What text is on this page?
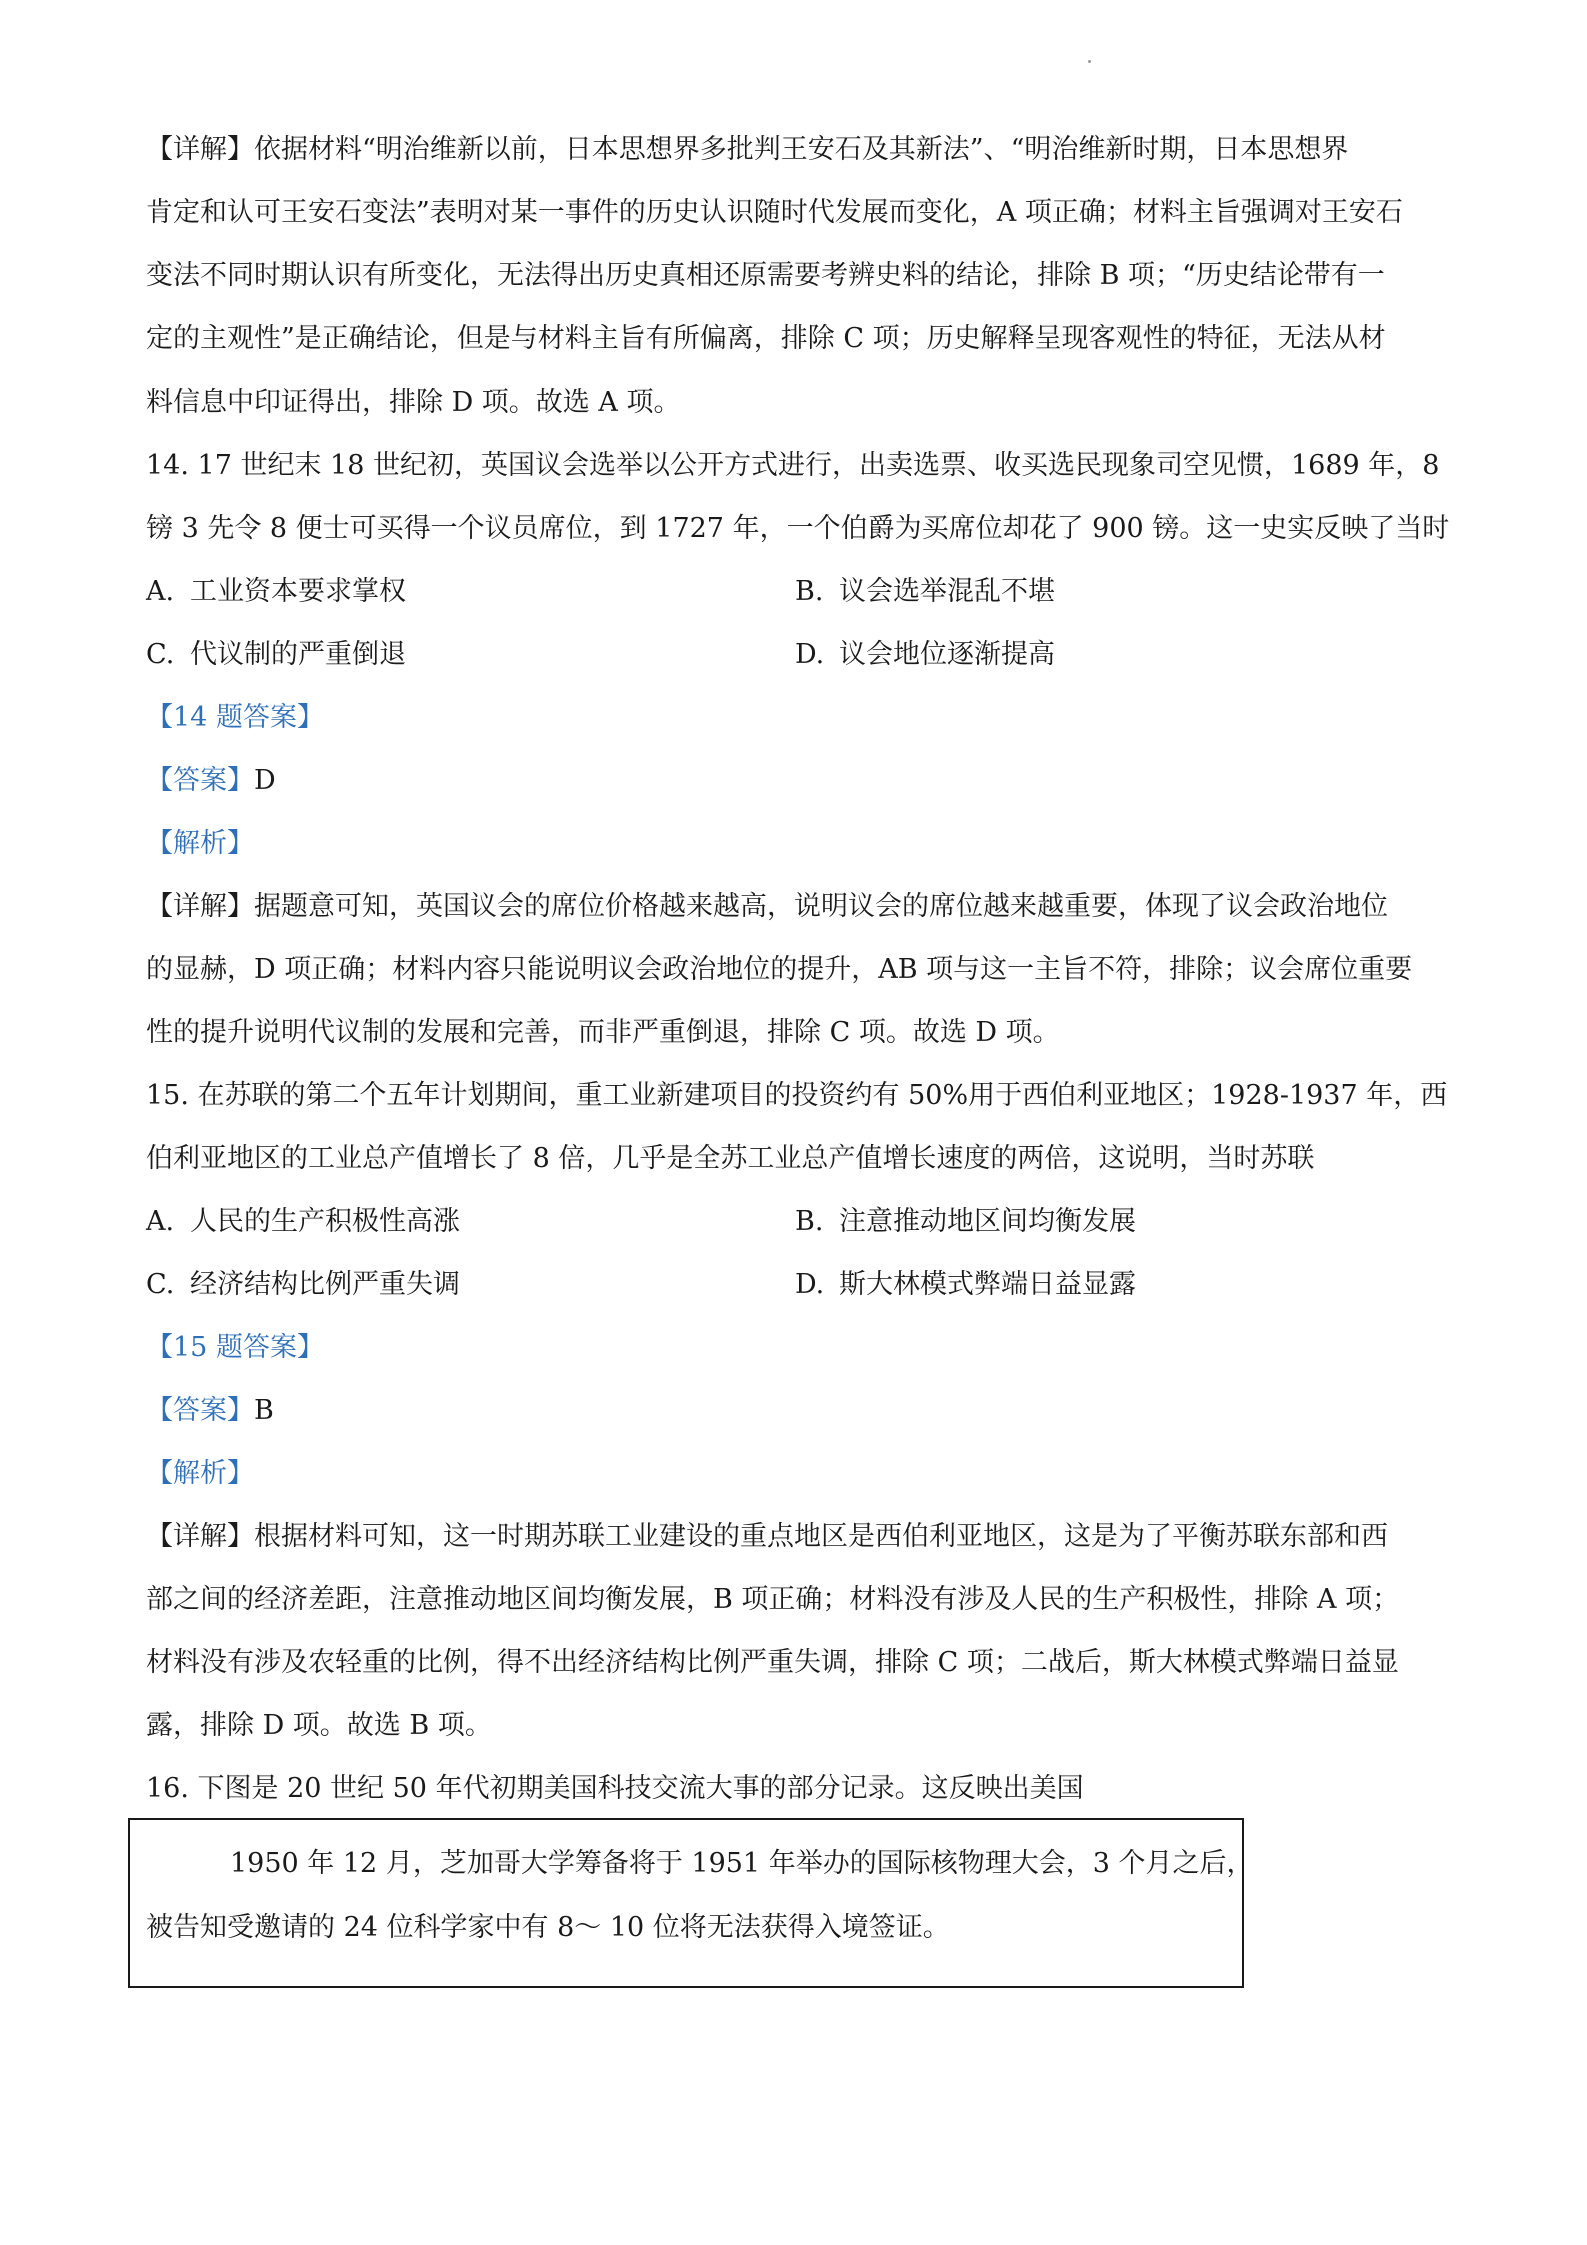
【详解】依据材料“明治维新以前，日本思想界多批判王安石及其新法”、“明治维新时期，日本思想界
肯定和认可王安石变法”表明对某一事件的历史认识随时代发展而变化，A 项正确；材料主旨强调对王安石
变法不同时期认识有所变化，无法得出历史真相还原需要考辨史料的结论，排除 B 项；“历史结论带有一
定的主观性”是正确结论，但是与材料主旨有所偏离，排除 C 项；历史解释呈现客观性的特征，无法从材
料信息中印证得出，排除 D 项。故选 A 项。
14. 17 世纪末 18 世纪初，英国议会选举以公开方式进行，出卖选票、收买选民现象司空见惯，1689 年，8
镑 3 先令 8 便士可买得一个议员席位，到 1727 年，一个伯爵为买席位却花了 900 镑。这一史实反映了当时
A. 工业资本要求掌权	B. 议会选举混乱不堪
C. 代议制的严重倒退	D. 议会地位逐渐提高
【14 题答案】
【答案】D
【解析】
【详解】据题意可知，英国议会的席位价格越来越高，说明议会的席位越来越重要，体现了议会政治地位
的显赫，D 项正确；材料内容只能说明议会政治地位的提升，AB 项与这一主旨不符，排除；议会席位重要
性的提升说明代议制的发展和完善，而非严重倒退，排除 C 项。故选 D 项。
15. 在苏联的第二个五年计划期间，重工业新建项目的投资约有 50%用于西伯利亚地区；1928-1937 年，西
伯利亚地区的工业总产值增长了 8 倍，几乎是全苏工业总产值增长速度的两倍，这说明，当时苏联
A. 人民的生产积极性高涨	B. 注意推动地区间均衡发展
C. 经济结构比例严重失调	D. 斯大林模式弊端日益显露
【15 题答案】
【答案】B
【解析】
【详解】根据材料可知，这一时期苏联工业建设的重点地区是西伯利亚地区，这是为了平衡苏联东部和西
部之间的经济差距，注意推动地区间均衡发展，B 项正确；材料没有涉及人民的生产积极性，排除 A 项；
材料没有涉及农轻重的比例，得不出经济结构比例严重失调，排除 C 项；二战后，斯大林模式弊端日益显
露，排除 D 项。故选 B 项。
16. 下图是 20 世纪 50 年代初期美国科技交流大事的部分记录。这反映出美国
1950 年 12 月，芝加哥大学筹备将于 1951 年举办的国际核物理大会，3 个月之后，
被告知受邀请的 24 位科学家中有 8～ 10 位将无法获得入境签证。
